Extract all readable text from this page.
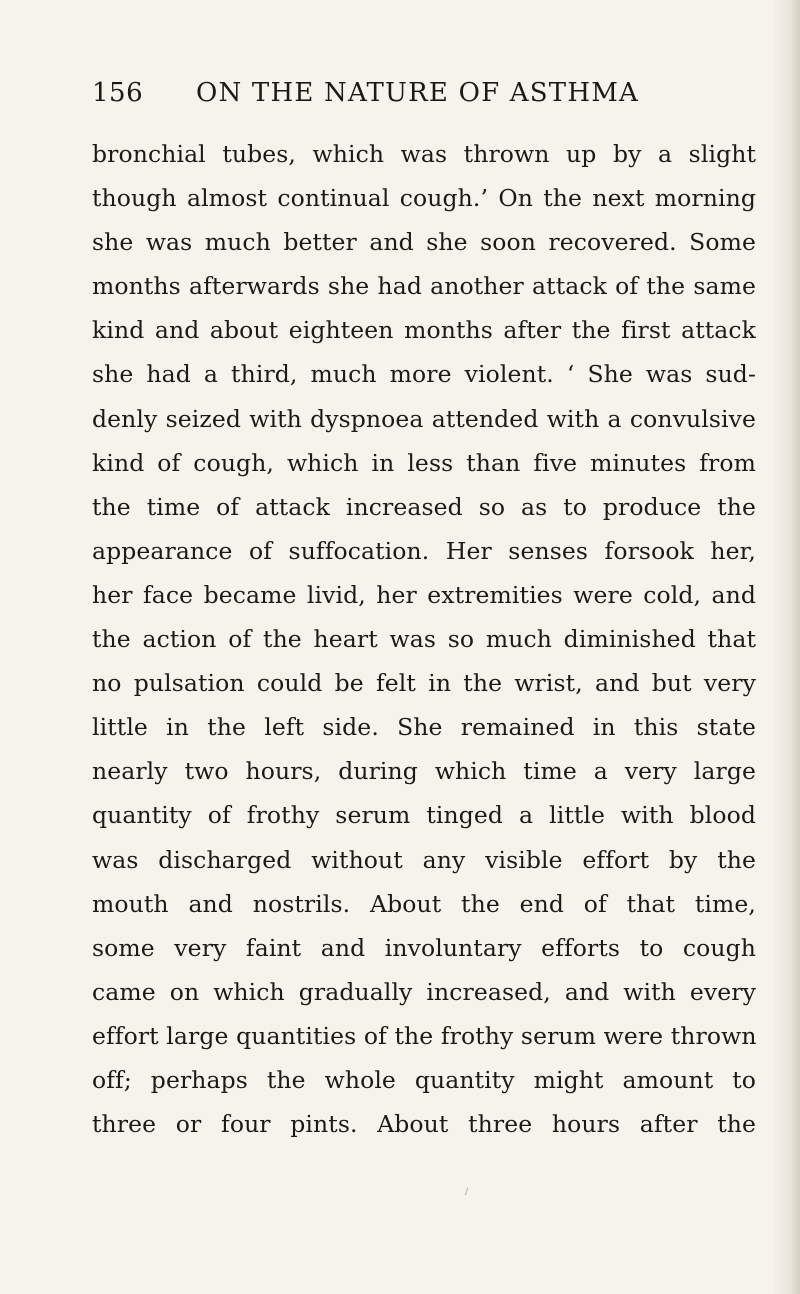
156 ON THE NATURE OF ASTHMA
bronchial tubes, which was thrown up by a slight
though almost continual cough.’ On the next morning
she was much better and she soon recovered. Some
months afterwards she had another attack of the same
kind and about eighteen months after the first attack
she had a third, much more violent. ‘ She was sud-
denly seized with dyspnoea attended with a convulsive
kind of cough, which in less than five minutes from
the time of attack increased so as to produce the
appearance of suffocation. Her senses forsook her,
her face became livid, her extremities were cold, and
the action of the heart was so much diminished that
no pulsation could be felt in the wrist, and but very
little in the left side. She remained in this state
nearly two hours, during which time a very large
quantity of frothy serum tinged a little with blood
was discharged without any visible effort by the
mouth and nostrils. About the end of that time,
some very faint and involuntary efforts to cough
came on which gradually increased, and with every
effort large quantities of the frothy serum were thrown
off; perhaps the whole quantity might amount to
three or four pints. About three hours after the
